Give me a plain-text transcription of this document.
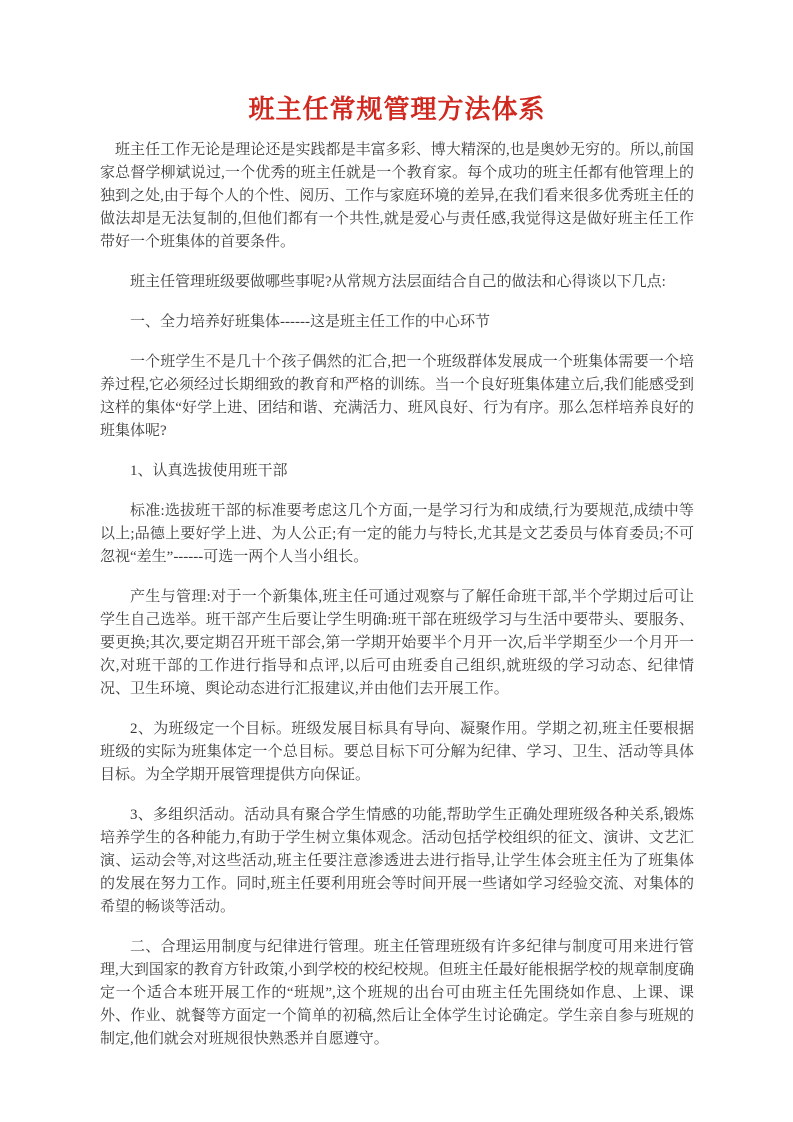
班主任常规管理方法体系

班主任工作无论是理论还是实践都是丰富多彩、博大精深的,也是奥妙无穷的。所以,前国家总督学柳斌说过,一个优秀的班主任就是一个教育家。每个成功的班主任都有他管理上的独到之处,由于每个人的个性、阅历、工作与家庭环境的差异,在我们看来很多优秀班主任的做法却是无法复制的,但他们都有一个共性,就是爱心与责任感,我觉得这是做好班主任工作带好一个班集体的首要条件。

班主任管理班级要做哪些事呢?从常规方法层面结合自己的做法和心得谈以下几点:

一、全力培养好班集体------这是班主任工作的中心环节

一个班学生不是几十个孩子偶然的汇合,把一个班级群体发展成一个班集体需要一个培养过程,它必须经过长期细致的教育和严格的训练。当一个良好班集体建立后,我们能感受到这样的集体“好学上进、团结和谐、充满活力、班风良好、行为有序。那么怎样培养良好的班集体呢?

1、认真选拔使用班干部

标准:选拔班干部的标准要考虑这几个方面,一是学习行为和成绩,行为要规范,成绩中等以上;品德上要好学上进、为人公正;有一定的能力与特长,尤其是文艺委员与体育委员;不可忽视“差生”------可选一两个人当小组长。

产生与管理:对于一个新集体,班主任可通过观察与了解任命班干部,半个学期过后可让学生自己选举。班干部产生后要让学生明确:班干部在班级学习与生活中要带头、要服务、要更换;其次,要定期召开班干部会,第一学期开始要半个月开一次,后半学期至少一个月开一次,对班干部的工作进行指导和点评,以后可由班委自己组织,就班级的学习动态、纪律情况、卫生环境、舆论动态进行汇报建议,并由他们去开展工作。

2、为班级定一个目标。班级发展目标具有导向、凝聚作用。学期之初,班主任要根据班级的实际为班集体定一个总目标。要总目标下可分解为纪律、学习、卫生、活动等具体目标。为全学期开展管理提供方向保证。

3、多组织活动。活动具有聚合学生情感的功能,帮助学生正确处理班级各种关系,锻炼培养学生的各种能力,有助于学生树立集体观念。活动包括学校组织的征文、演讲、文艺汇演、运动会等,对这些活动,班主任要注意渗透进去进行指导,让学生体会班主任为了班集体的发展在努力工作。同时,班主任要利用班会等时间开展一些诸如学习经验交流、对集体的希望的畅谈等活动。

二、合理运用制度与纪律进行管理。班主任管理班级有许多纪律与制度可用来进行管理,大到国家的教育方针政策,小到学校的校纪校规。但班主任最好能根据学校的规章制度确定一个适合本班开展工作的“班规”,这个班规的出台可由班主任先围绕如作息、上课、课外、作业、就餐等方面定一个简单的初稿,然后让全体学生讨论确定。学生亲自参与班规的制定,他们就会对班规很快熟悉并自愿遵守。
